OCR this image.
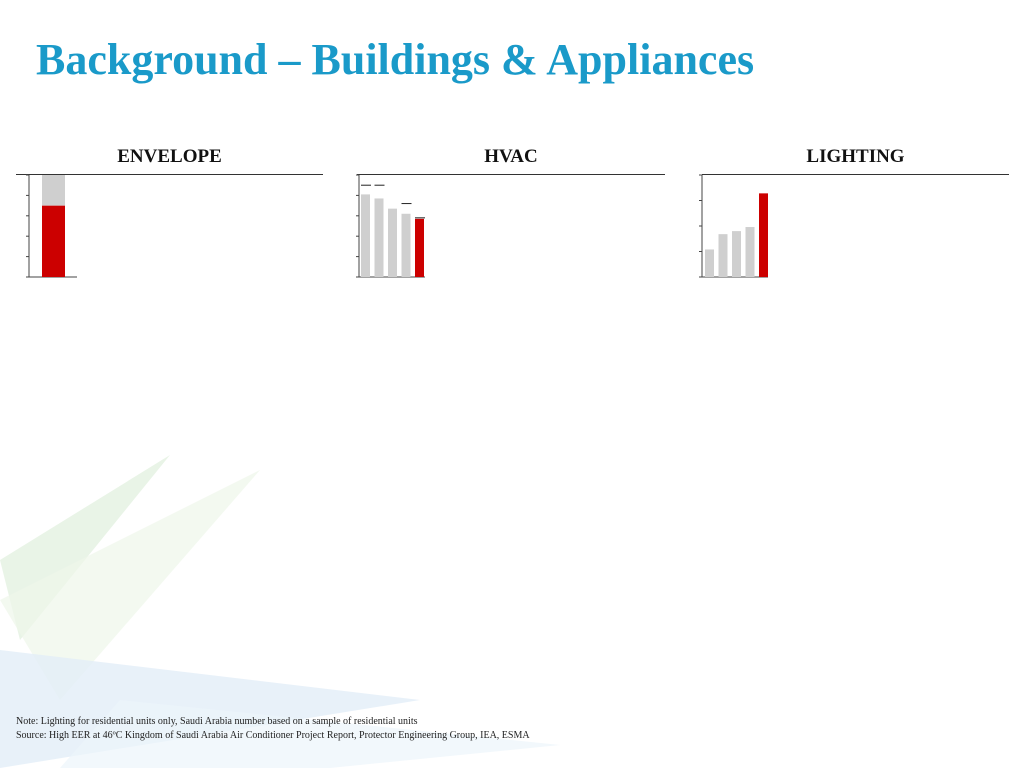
Background – Buildings & Appliances
ENVELOPE	HVAC	LIGHTING
Note: Lighting for residential units only, Saudi Arabia number based on a sample of residential units
Source: High EER at 46ºC Kingdom of Saudi Arabia Air Conditioner Project Report, Protector Engineering Group, IEA, ESMA
